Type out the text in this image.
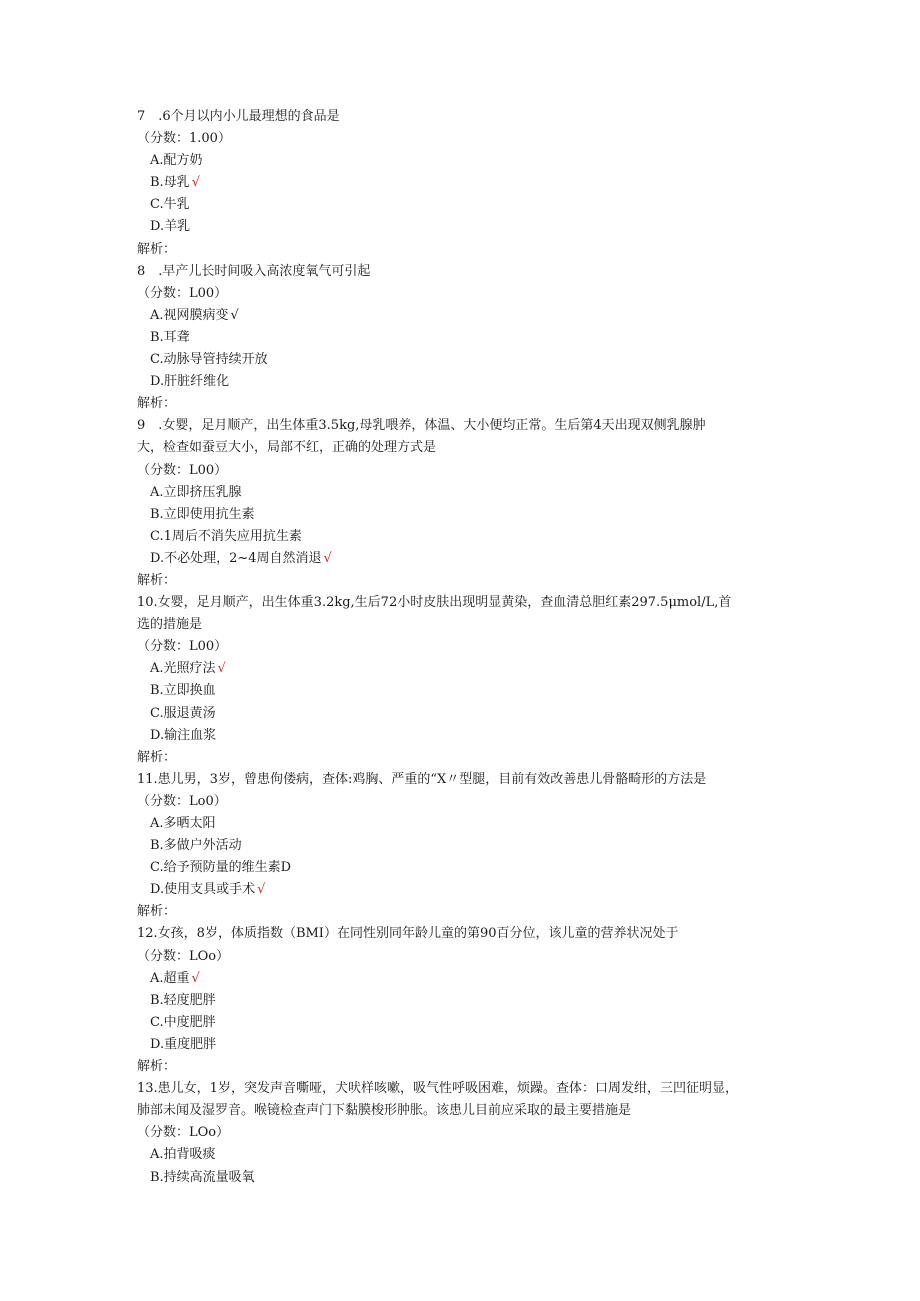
7　.6个月以内小儿最理想的食品是
（分数：1.00）
A.配方奶
B.母乳 √
C.牛乳
D.羊乳
解析：
8　.早产儿长时间吸入高浓度氧气可引起
（分数：L00）
A.视网膜病变 √
B.耳聋
C.动脉导管持续开放
D.肝脏纤维化
解析：
9　.女婴，足月顺产，出生体重3.5kg,母乳喂养，体温、大小便均正常。生后第4天出现双侧乳腺肿
大，检查如蚕豆大小，局部不红，正确的处理方式是
（分数：L00）
A.立即挤压乳腺
B.立即使用抗生素
C.1周后不消失应用抗生素
D.不必处理，2~4周自然消退 √
解析：
10.女婴，足月顺产，出生体重3.2kg,生后72小时皮肤出现明显黄染，查血清总胆红素297.5μmol/L,首
选的措施是
（分数：L00）
A.光照疗法 √
B.立即换血
C.服退黄汤
D.输注血浆
解析：
11.患儿男，3岁，曾患佝偻病，查体:鸡胸、严重的“X〃型腿，目前有效改善患儿骨骼畸形的方法是
（分数：Lo0）
A.多晒太阳
B.多做户外活动
C.给予预防量的维生素D
D.使用支具或手术 √
解析：
12.女孩，8岁，体质指数（BMI）在同性别同年龄儿童的第90百分位，该儿童的营养状况处于
（分数：LOo）
A.超重 √
B.轻度肥胖
C.中度肥胖
D.重度肥胖
解析：
13.患儿女，1岁，突发声音嘶哑，犬吠样咳嗽，吸气性呼吸困难，烦躁。查体：口周发绀，三凹征明显，
肺部未闻及湿罗音。喉镜检查声门下黏膜梭形肿胀。该患儿目前应采取的最主要措施是
（分数：LOo）
A.拍背吸痰
B.持续高流量吸氧
